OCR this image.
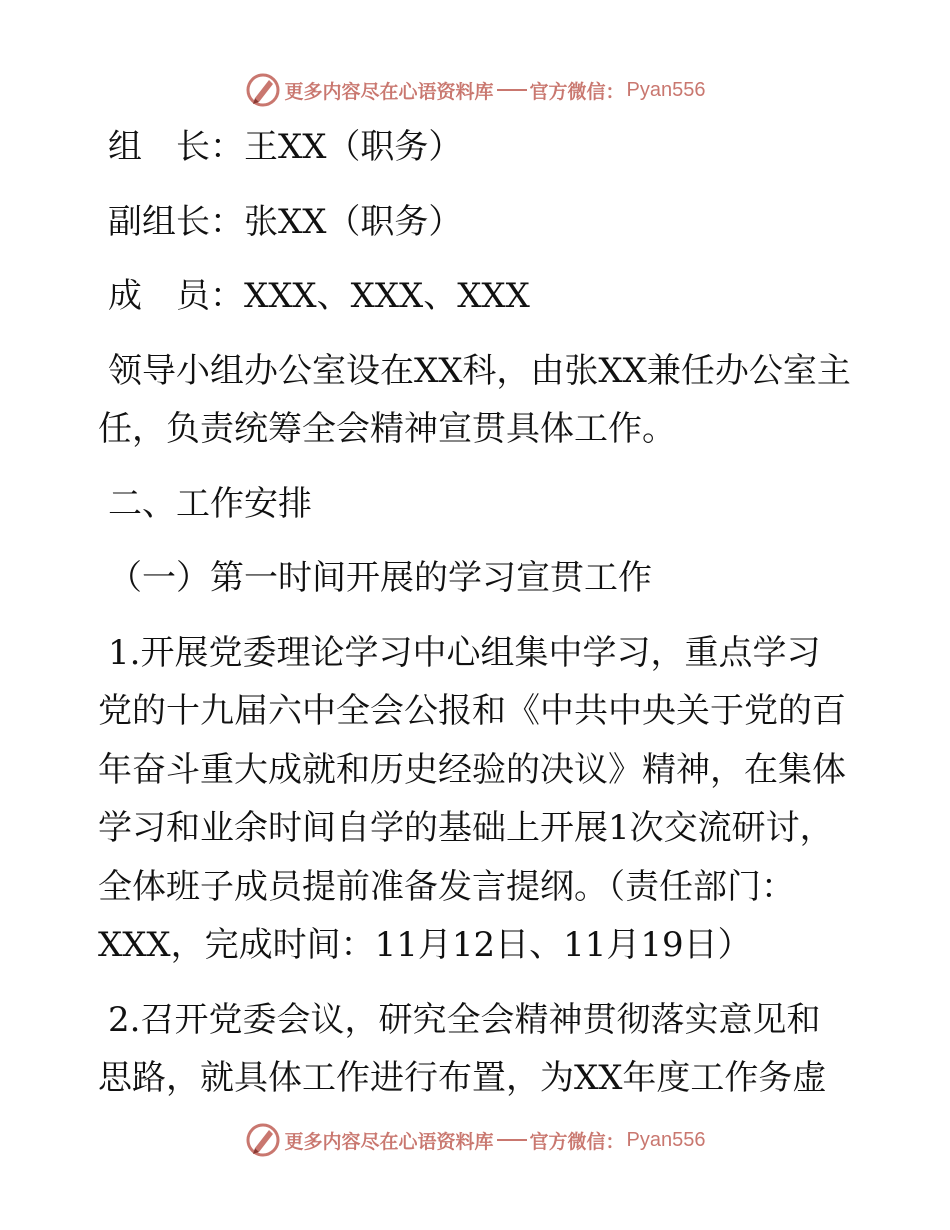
更多内容尽在心语资料库 官方微信： Pyan556
组　长：王XX（职务）
副组长：张XX（职务）
成　员：XXX、XXX、XXX
领导小组办公室设在XX科，由张XX兼任办公室主
任，负责统筹全会精神宣贯具体工作。
二、工作安排
（一）第一时间开展的学习宣贯工作
1.开展党委理论学习中心组集中学习，重点学习
党的十九届六中全会公报和《中共中央关于党的百
年奋斗重大成就和历史经验的决议》精神，在集体
学习和业余时间自学的基础上开展1次交流研讨，
全体班子成员提前准备发言提纲。（责任部门：
XXX，完成时间：11月12日、11月19日）
2.召开党委会议，研究全会精神贯彻落实意见和
思路，就具体工作进行布置，为XX年度工作务虚
更多内容尽在心语资料库 官方微信： Pyan556
